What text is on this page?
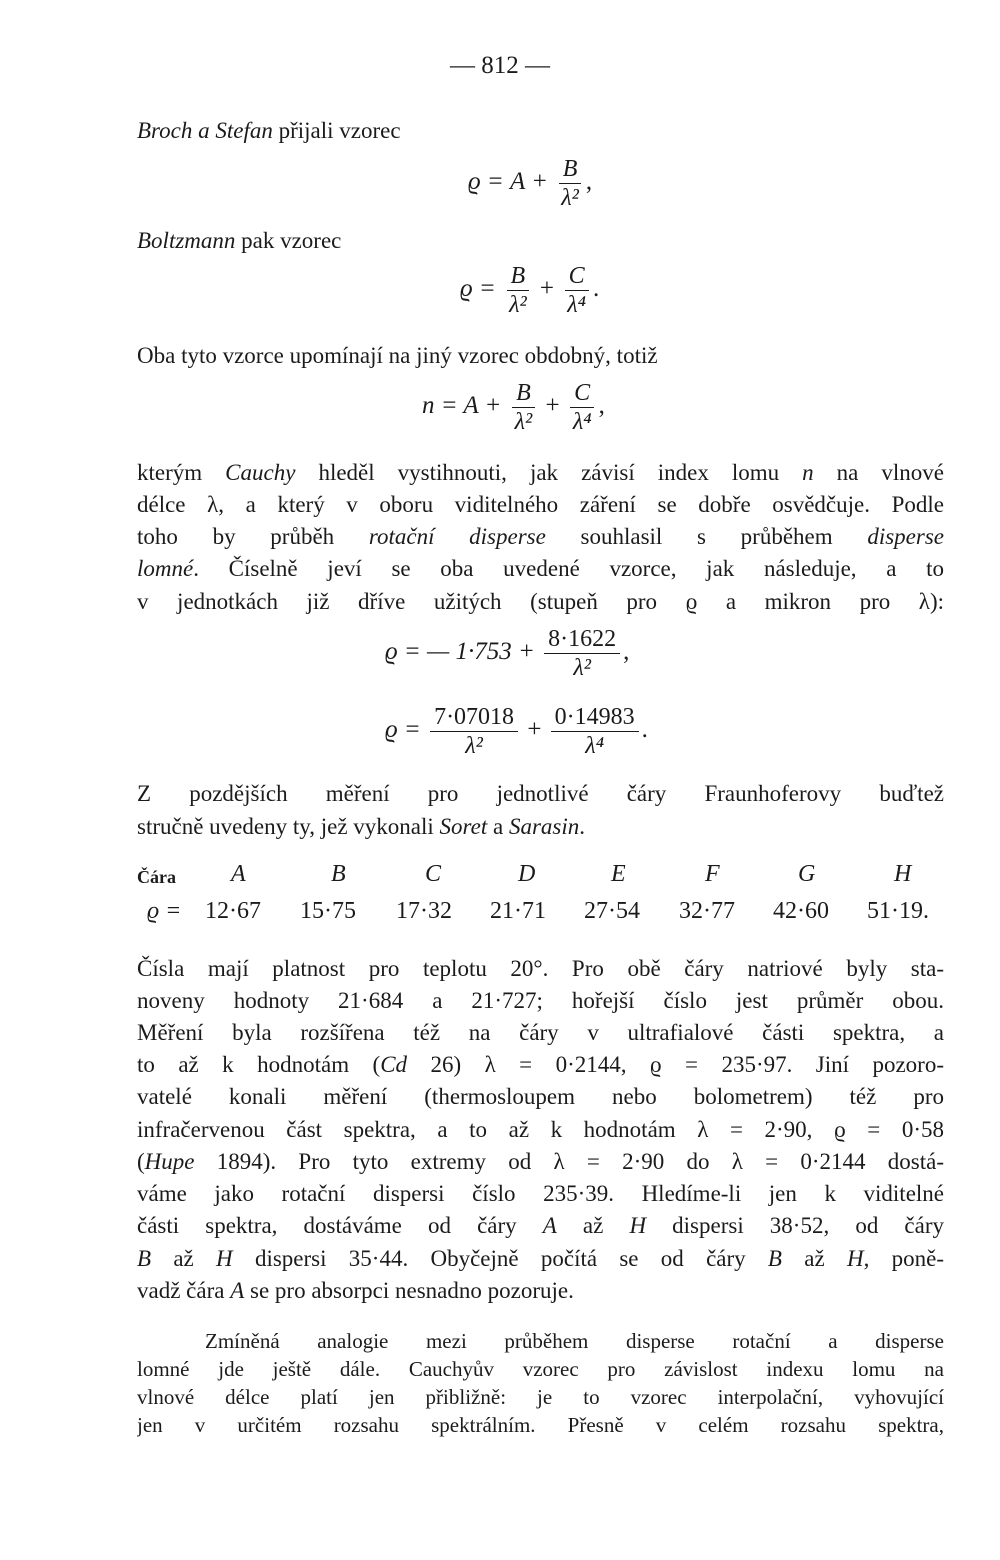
— 812 —
Broch a Stefan přijali vzorec
$ϱ = A + \frac{B}{\text{λ²}}$ ,
Boltzmann pak vzorec
$ϱ = \frac{B}{\text{λ²}} + \frac{C}{\text{λ⁴}}$ .
Oba tyto vzorce upomínají na jiný vzorec obdobný, totiž
$n = A + \frac{B}{\text{λ²}} + \frac{C}{\text{λ⁴}}$ ,
kterým Cauchy hleděl vystihnouti, jak závisí index lomu n na vlnové
délce λ, a který v oboru viditelného záření se dobře osvědčuje. Podle
toho by průběh rotační disperse souhlasil s průběhem disperse
lomné. Číselně jeví se oba uvedené vzorce, jak následuje, a to
v jednotkách již dříve užitých (stupeň pro ϱ a mikron pro λ):
ϱ = — $1\cdot 753 + \frac{8\cdot 1622}{\text{λ²}}$ ,
$ϱ = \frac{7\cdot 07018}{\text{λ²}} + \frac{0\cdot 14983}{\text{λ⁴}}$ .
Z pozdějších měření pro jednotlivé čáry Fraunhoferovy buďtež
stručně uvedeny ty, jež vykonali Soret a Sarasin.
Čára A	B	C	D	E	F	G	H
ϱ = 12·67 15·75 17·32 21·71 27·54 32·77 42·60 51·19.
Čísla mají platnost pro teplotu 20°. Pro obě čáry natriové byly sta-
noveny hodnoty 21·684 a 21·727; hořejší číslo jest průměr obou.
Měření byla rozšířena též na čáry v ultrafialové části spektra, a
to až k hodnotám (Cd 26) λ = 0·2144, ϱ = 235·97. Jiní pozoro-
vatelé konali měření (thermosloupem nebo bolometrem) též pro
infračervenou část spektra, a to až k hodnotám λ = 2·90, ϱ = 0·58
(Hupe 1894). Pro tyto extremy od λ = 2·90 do λ = 0·2144 dostá-
váme jako rotační dispersi číslo 235·39. Hledíme-li jen k viditelné
části spektra, dostáváme od čáry A až H dispersi 38·52, od čáry
B až H dispersi 35·44. Obyčejně počítá se od čáry B až H, poně-
vadž čára A se pro absorpci nesnadno pozoruje.
Zmíněná analogie mezi průběhem disperse rotační a disperse
lomné jde ještě dále. Cauchyův vzorec pro závislost indexu lomu na
vlnové délce platí jen přibližně: je to vzorec interpolační, vyhovující
jen v určitém rozsahu spektrálním. Přesně v celém rozsahu spektra,
